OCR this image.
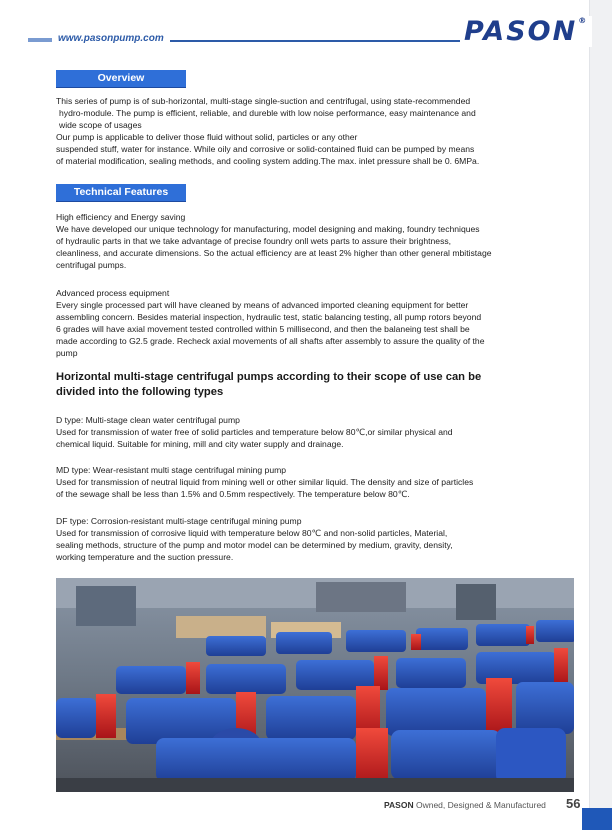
www.pasonpump.com	PASON®
Overview

This series of pump is of sub-horizontal, multi-stage single-suction and centrifugal, using state-recommended

hydro-module. The pump is efficient, reliable, and dureble with low noise performance, easy maintenance and

wide scope of usages

Our pump is applicable to deliver those fluid without solid, particles or any other

suspended stuff, water for instance. While oily and corrosive or solid-contained fluid can be pumped by means

of material modification, sealing methods, and cooling system adding.The max. inlet pressure shall be 0. 6MPa.

Technical Features

High efficiency and Energy saving

We have developed our unique technology for manufacturing, model designing and making, foundry techniques

of hydraulic parts in that we take advantage of precise foundry onll wets parts to assure their brightness,

cleanliness, and accurate dimensions. So the actual efficiency are at least 2% higher than other general mbitistage

centrifugal pumps.

Advanced process equipment

Every single processed part will have cleaned by means of advanced imported cleaning equipment for better

assembling concern. Besides material inspection, hydraulic test, static balancing testing, all pump rotors beyond

6 grades will have axial movement tested controlled within 5 millisecond, and then the balaneing test shall be

made according to G2.5 grade. Recheck axial movements of all shafts after assembly to assure the quality of the

pump

Horizontal multi-stage centrifugal pumps according to their scope of use can be
divided into the following types

D type: Multi-stage clean water centrifugal pump

Used for transmission of water free of solid particles and temperature below 80℃,or similar physical and

chemical liquid. Suitable for mining, mill and city water supply and drainage.

MD type: Wear-resistant multi stage centrifugal mining pump

Used for transmission of neutral liquid from mining well or other similar liquid. The density and size of particles

of the sewage shall be less than 1.5% and 0.5mm respectively. The temperature below 80℃.

DF type: Corrosion-resistant multi-stage centrifugal mining pump

Used for transmission of corrosive liquid with temperature below 80℃ and non-solid particles, Material,

sealing methods, structure of the pump and motor model can be determined by medium, gravity, density,

working temperature and the suction pressure.

PASON Owned, Designed & Manufactured 56
